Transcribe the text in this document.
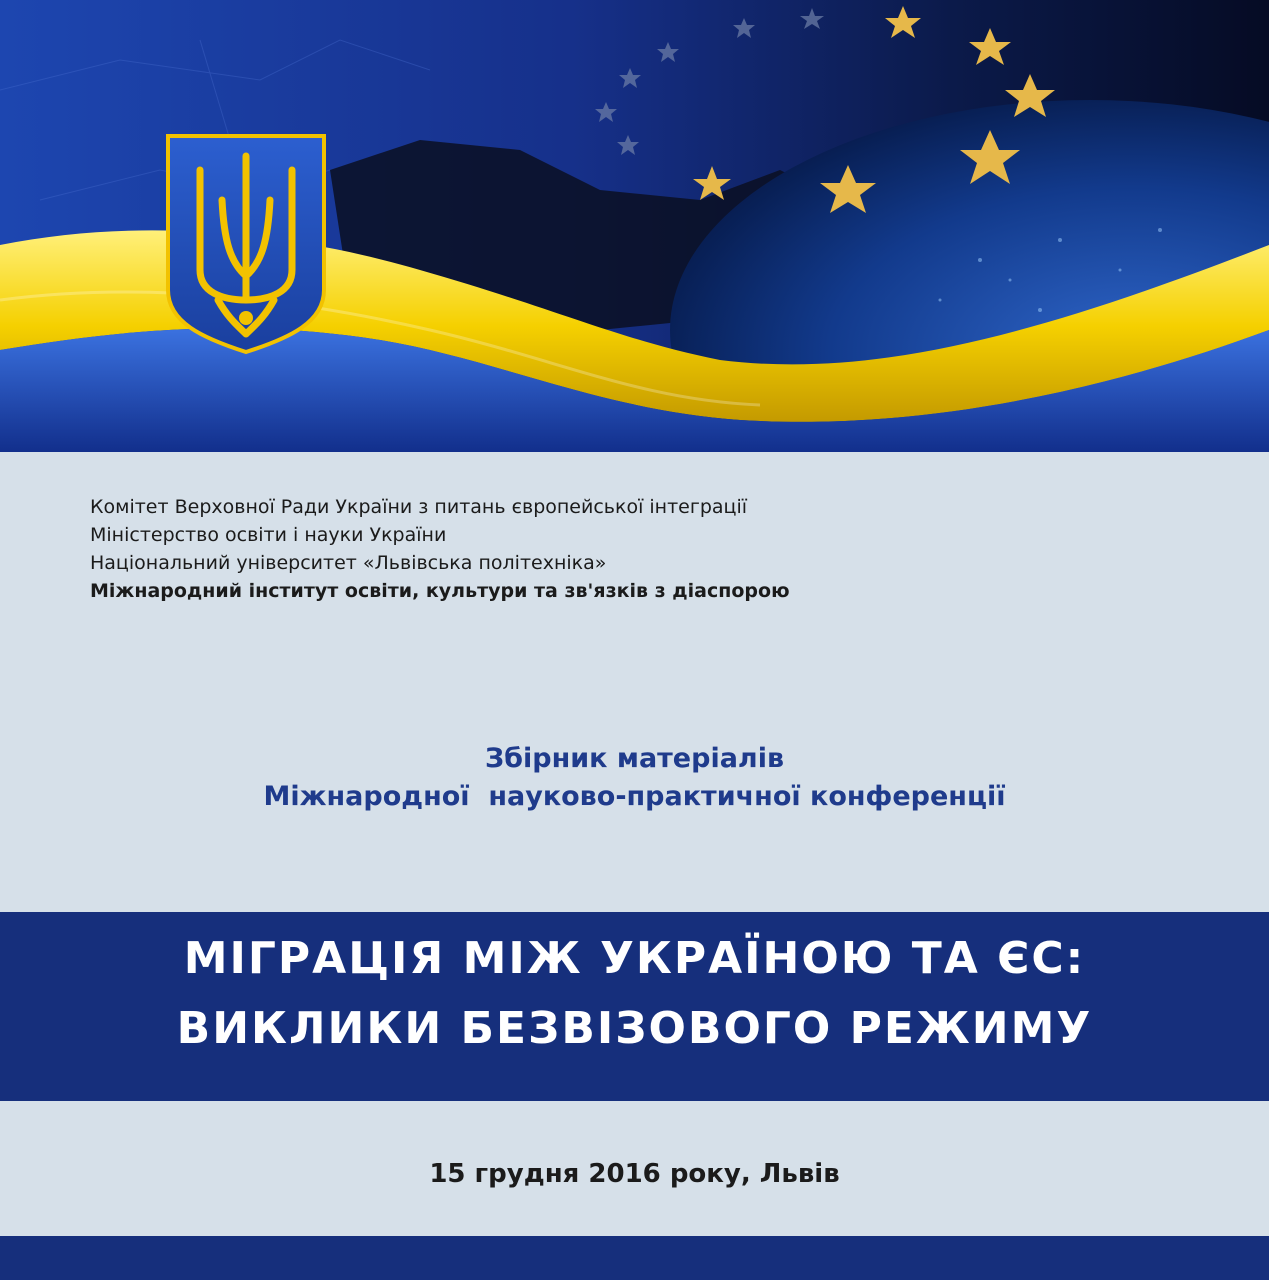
Комітет Верховної Ради України з питань європейської інтеграції
Міністерство освіти і науки України
Національний університет «Львівська політехніка»
Міжнародний інститут освіти, культури та зв'язків з діаспорою
Збірник матеріалів
Міжнародної  науково-практичної конференції
МІГРАЦІЯ МІЖ УКРАЇНОЮ ТА ЄС:
ВИКЛИКИ БЕЗВІЗОВОГО РЕЖИМУ
15 грудня 2016 року, Львів
